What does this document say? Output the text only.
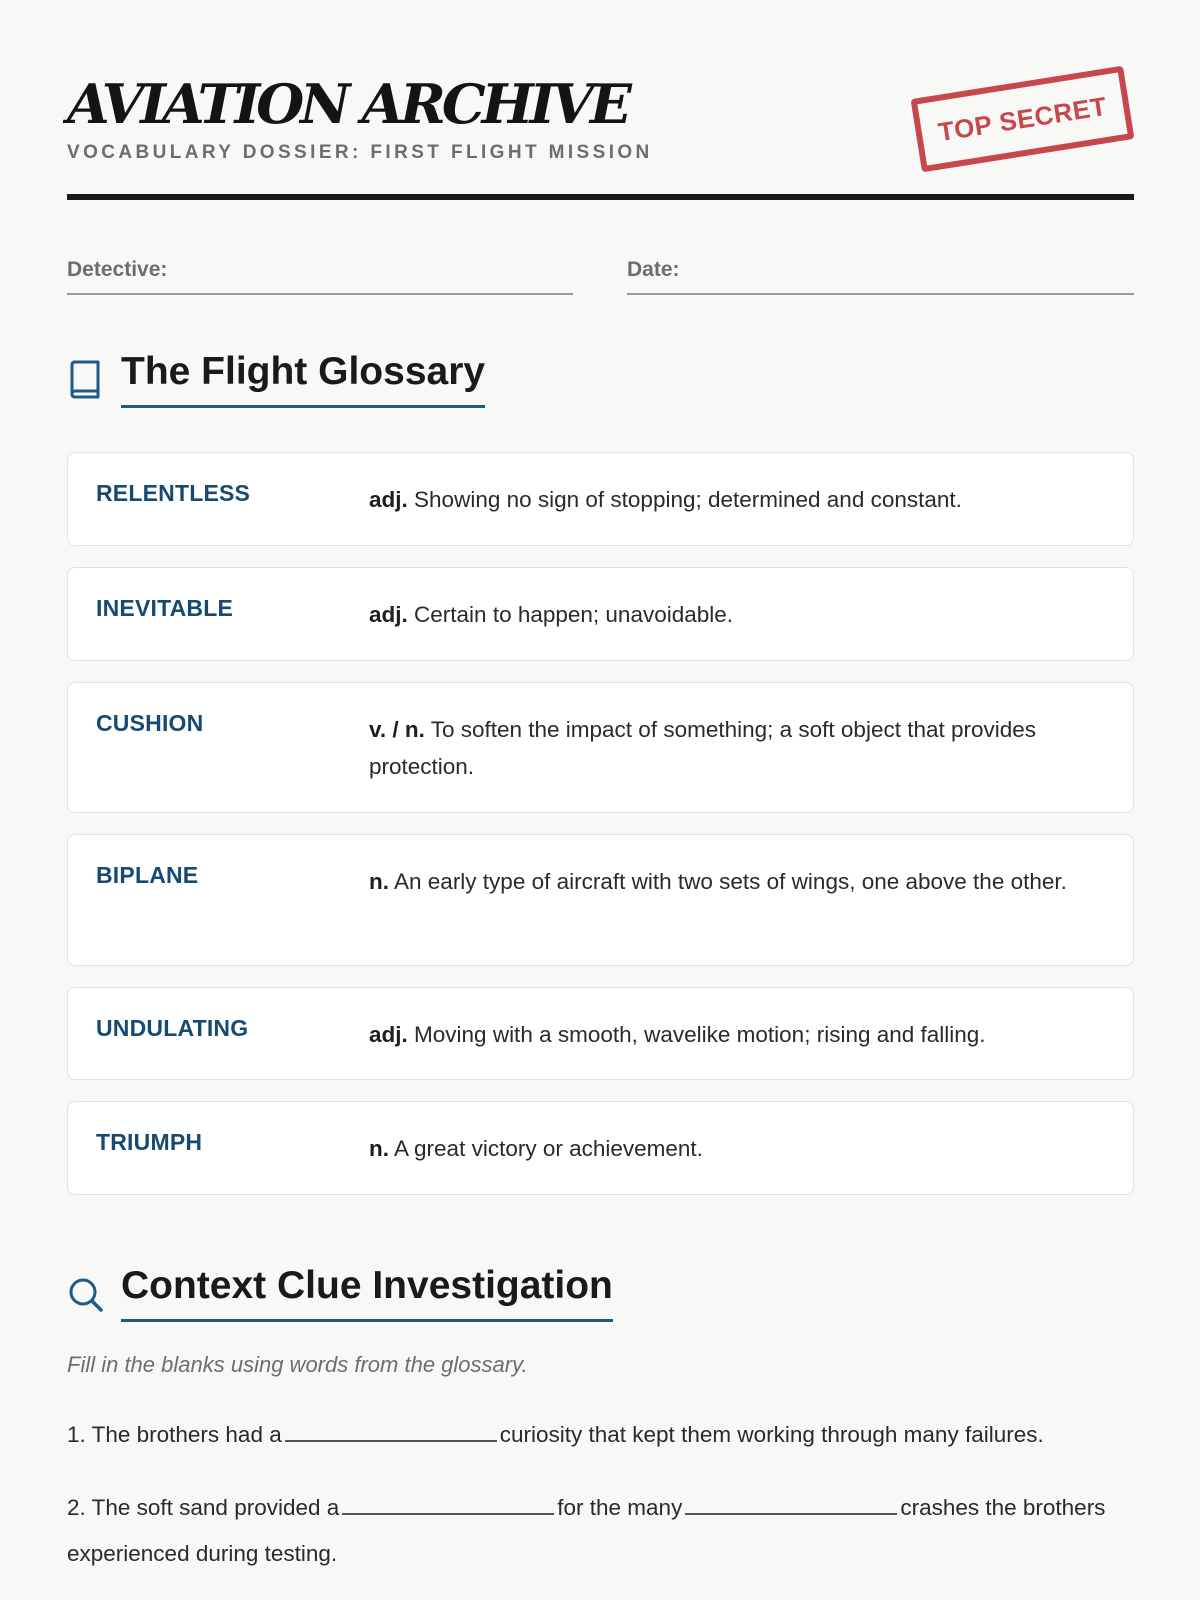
AVIATION ARCHIVE
VOCABULARY DOSSIER: FIRST FLIGHT MISSION
TOP SECRET
Detective:	Date:
The Flight Glossary
RELENTLESS	adj. Showing no sign of stopping; determined and constant.
INEVITABLE	adj. Certain to happen; unavoidable.
CUSHION	v. / n. To soften the impact of something; a soft object that provides protection.
BIPLANE	n. An early type of aircraft with two sets of wings, one above the other.
UNDULATING	adj. Moving with a smooth, wavelike motion; rising and falling.
TRIUMPH	n. A great victory or achievement.
Context Clue Investigation
Fill in the blanks using words from the glossary.
1. The brothers had a	curiosity that kept them working through many failures.
2. The soft sand provided a	for the many	crashes the brothers experienced during testing.
